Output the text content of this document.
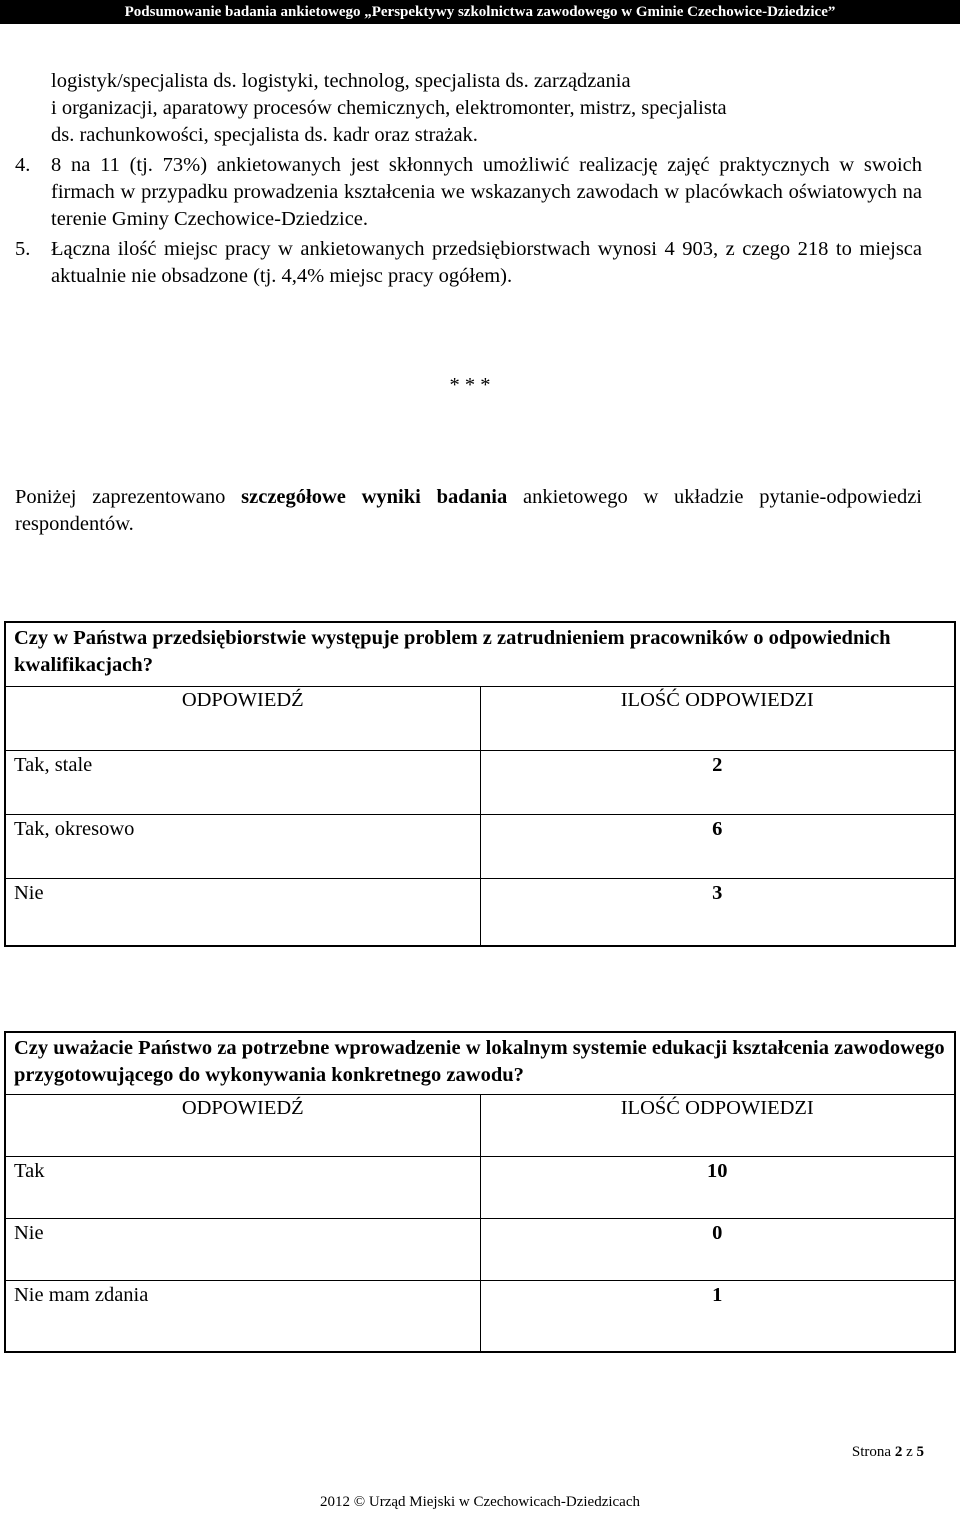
Podsumowanie badania ankietowego „Perspektywy szkolnictwa zawodowego w Gminie Czechowice-Dziedzice”
logistyk/specjalista ds. logistyki, technolog, specjalista ds. zarządzania
i organizacji, aparatowy procesów chemicznych, elektromonter, mistrz, specjalista
ds. rachunkowości, specjalista ds. kadr oraz strażak.
4. 8 na 11 (tj. 73%) ankietowanych jest skłonnych umożliwić realizację zajęć praktycznych w swoich firmach w przypadku prowadzenia kształcenia we wskazanych zawodach w placówkach oświatowych na terenie Gminy Czechowice-Dziedzice.
5. Łączna ilość miejsc pracy w ankietowanych przedsiębiorstwach wynosi 4 903, z czego 218 to miejsca aktualnie nie obsadzone (tj. 4,4% miejsc pracy ogółem).
* * *
Poniżej zaprezentowano szczegółowe wyniki badania ankietowego w układzie pytanie-odpowiedzi respondentów.
Czy w Państwa przedsiębiorstwie występuje problem z zatrudnieniem pracowników o odpowiednich kwalifikacjach?	
ODPOWIEDŹ	ILOŚĆ ODPOWIEDZI
Tak, stale	2
Tak, okresowo	6
Nie	3
Czy uważacie Państwo za potrzebne wprowadzenie w lokalnym systemie edukacji kształcenia zawodowego przygotowującego do wykonywania konkretnego zawodu?	
ODPOWIEDŹ	ILOŚĆ ODPOWIEDZI
Tak	10
Nie	0
Nie mam zdania	1
Strona 2 z 5
2012 © Urząd Miejski w Czechowicach-Dziedzicach
